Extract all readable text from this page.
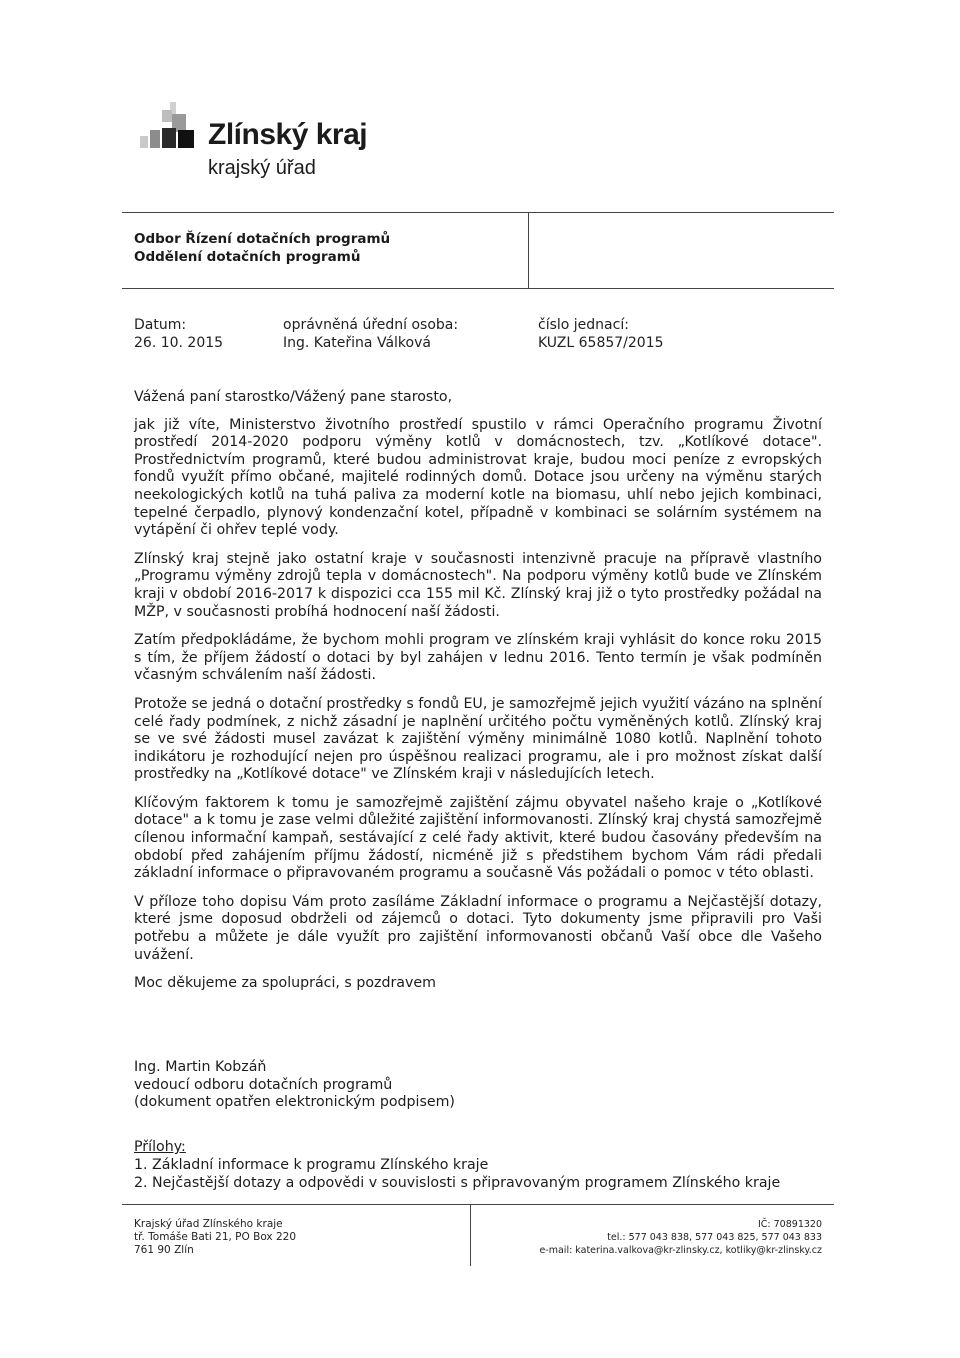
Zlínský kraj
krajský úřad
Odbor Řízení dotačních programů
Oddělení dotačních programů
Datum:
26. 10. 2015
oprávněná úřední osoba:
Ing. Kateřina Válková
číslo jednací:
KUZL 65857/2015

Vážená paní starostko/Vážený pane starosto,

jak již víte, Ministerstvo životního prostředí spustilo v rámci Operačního programu Životní prostředí 2014-2020 podporu výměny kotlů v domácnostech, tzv. „Kotlíkové dotace". Prostřednictvím programů, které budou administrovat kraje, budou moci peníze z evropských fondů využít přímo občané, majitelé rodinných domů. Dotace jsou určeny na výměnu starých neekologických kotlů na tuhá paliva za moderní kotle na biomasu, uhlí nebo jejich kombinaci, tepelné čerpadlo, plynový kondenzační kotel, případně v kombinaci se solárním systémem na vytápění či ohřev teplé vody.

Zlínský kraj stejně jako ostatní kraje v současnosti intenzivně pracuje na přípravě vlastního „Programu výměny zdrojů tepla v domácnostech". Na podporu výměny kotlů bude ve Zlínském kraji v období 2016-2017 k dispozici cca 155 mil Kč. Zlínský kraj již o tyto prostředky požádal na MŽP, v současnosti probíhá hodnocení naší žádosti.

Zatím předpokládáme, že bychom mohli program ve zlínském kraji vyhlásit do konce roku 2015 s tím, že příjem žádostí o dotaci by byl zahájen v lednu 2016. Tento termín je však podmíněn včasným schválením naší žádosti.

Protože se jedná o dotační prostředky s fondů EU, je samozřejmě jejich využití vázáno na splnění celé řady podmínek, z nichž zásadní je naplnění určitého počtu vyměněných kotlů. Zlínský kraj se ve své žádosti musel zavázat k zajištění výměny minimálně 1080 kotlů. Naplnění tohoto indikátoru je rozhodující nejen pro úspěšnou realizaci programu, ale i pro možnost získat další prostředky na „Kotlíkové dotace" ve Zlínském kraji v následujících letech.

Klíčovým faktorem k tomu je samozřejmě zajištění zájmu obyvatel našeho kraje o „Kotlíkové dotace" a k tomu je zase velmi důležité zajištění informovanosti. Zlínský kraj chystá samozřejmě cílenou informační kampaň, sestávající z celé řady aktivit, které budou časovány především na období před zahájením příjmu žádostí, nicméně již s předstihem bychom Vám rádi předali základní informace o připravovaném programu a současně Vás požádali o pomoc v této oblasti.

V příloze toho dopisu Vám proto zasíláme Základní informace o programu a Nejčastější dotazy, které jsme doposud obdrželi od zájemců o dotaci. Tyto dokumenty jsme připravili pro Vaši potřebu a můžete je dále využít pro zajištění informovanosti občanů Vaší obce dle Vašeho uvážení.

Moc děkujeme za spolupráci, s pozdravem

Ing. Martin Kobzáň
vedoucí odboru dotačních programů
(dokument opatřen elektronickým podpisem)
Přílohy:
1. Základní informace k programu Zlínského kraje
2. Nejčastější dotazy a odpovědi v souvislosti s připravovaným programem Zlínského kraje
Krajský úřad Zlínského kraje
tř. Tomáše Bati 21, PO Box 220
761 90 Zlín
IČ: 70891320
tel.: 577 043 838, 577 043 825, 577 043 833
e-mail: katerina.valkova@kr-zlinsky.cz, kotliky@kr-zlinsky.cz
